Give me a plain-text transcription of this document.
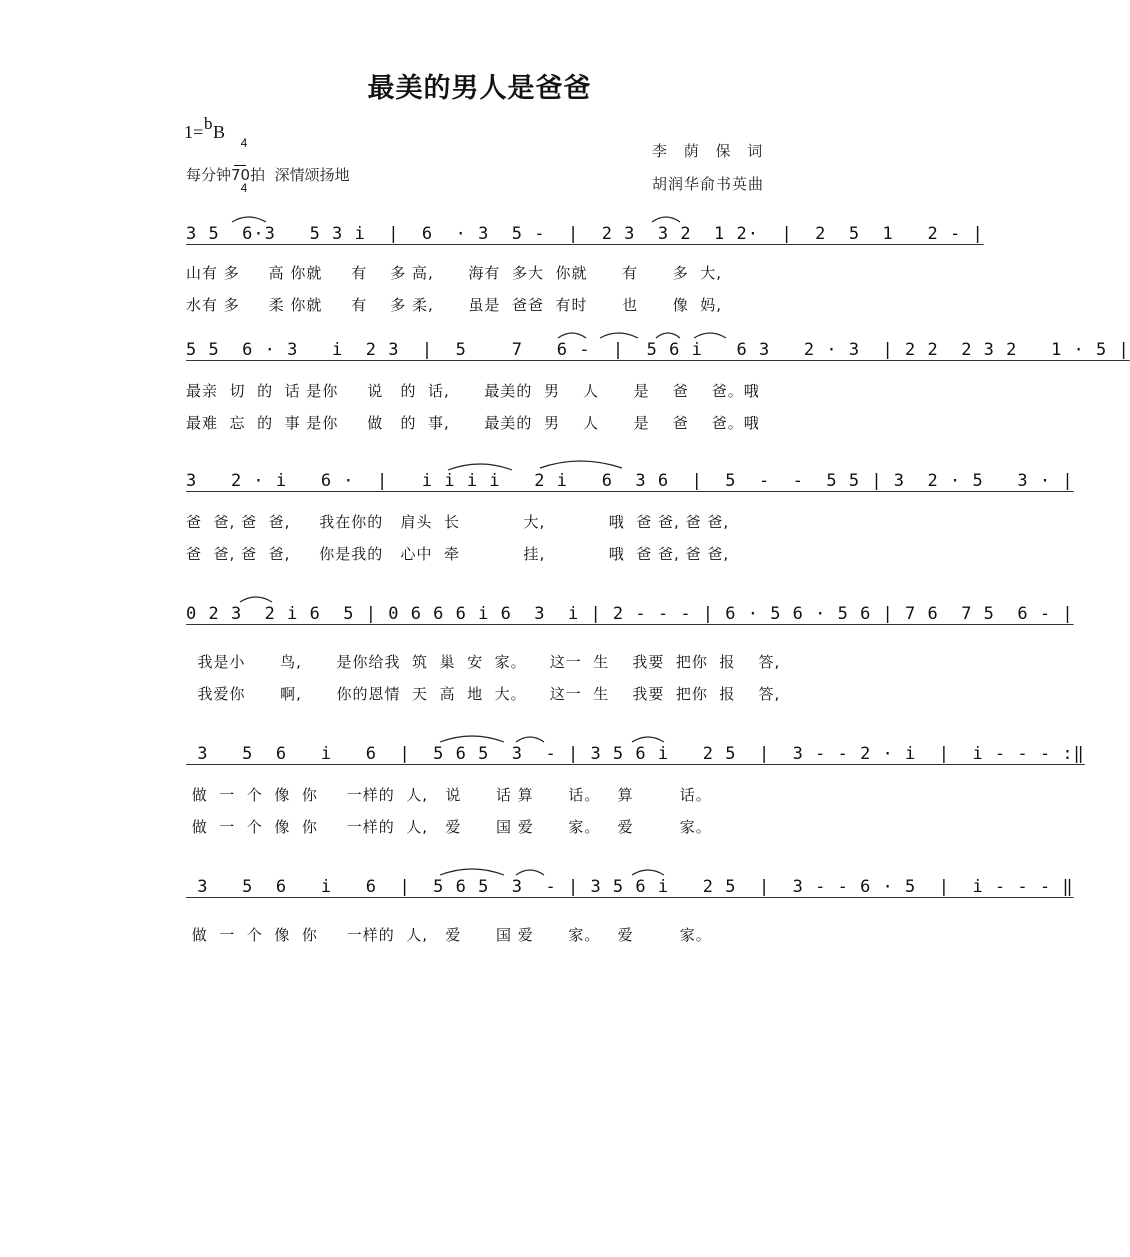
最美的男人是爸爸
1= b B

4

4

每分钟70拍  深情颂扬地
李 荫 保 词
胡润华俞书英曲
3 5  6·3   5 3 i  |  6  · 3  5 -  |  2 3  3 2  1 2·  |  2  5  1   2 - |
山有 多     高 你就     有    多 高,      海有  多大  你就      有      多  大,
水有 多     柔 你就     有    多 柔,      虽是  爸爸  有时      也      像  妈,
5 5  6 · 3   i  2 3  |  5    7   6 -  |  5 6 i   6 3   2 · 3  | 2 2  2 3 2   1 · 5 |
最亲  切  的  话 是你     说   的  话,      最美的  男    人      是    爸    爸。哦
最难  忘  的  事 是你     做   的  事,      最美的  男    人      是    爸    爸。哦
3   2 · i   6 ·  |   i i i i   2 i   6  3 6  |  5  -  -  5 5 | 3  2 · 5   3 · |
爸  爸, 爸  爸,     我在你的   肩头  长           大,           哦  爸 爸, 爸 爸,
爸  爸, 爸  爸,     你是我的   心中  牵           挂,           哦  爸 爸, 爸 爸,
0 2 3  2 i 6  5 | 0 6 6 6 i 6  3  i | 2 - - - | 6 · 5 6 · 5 6 | 7 6  7 5  6 - |
我是小      鸟,      是你给我  筑  巢  安  家。    这一  生    我要  把你  报    答,
我爱你      啊,      你的恩情  天  高  地  大。    这一  生    我要  把你  报    答,
3   5  6   i   6  |  5 6 5  3  - | 3 5 6 i   2 5  |  3 - - 2 · i  |  i - - - :‖
做  一  个  像  你     一样的  人,   说      话 算      话。   算        话。
做  一  个  像  你     一样的  人,   爱      国 爱      家。   爱        家。
3   5  6   i   6  |  5 6 5  3  - | 3 5 6 i   2 5  |  3 - - 6 · 5  |  i - - - ‖
做  一  个  像  你     一样的  人,   爱      国 爱      家。   爱        家。
